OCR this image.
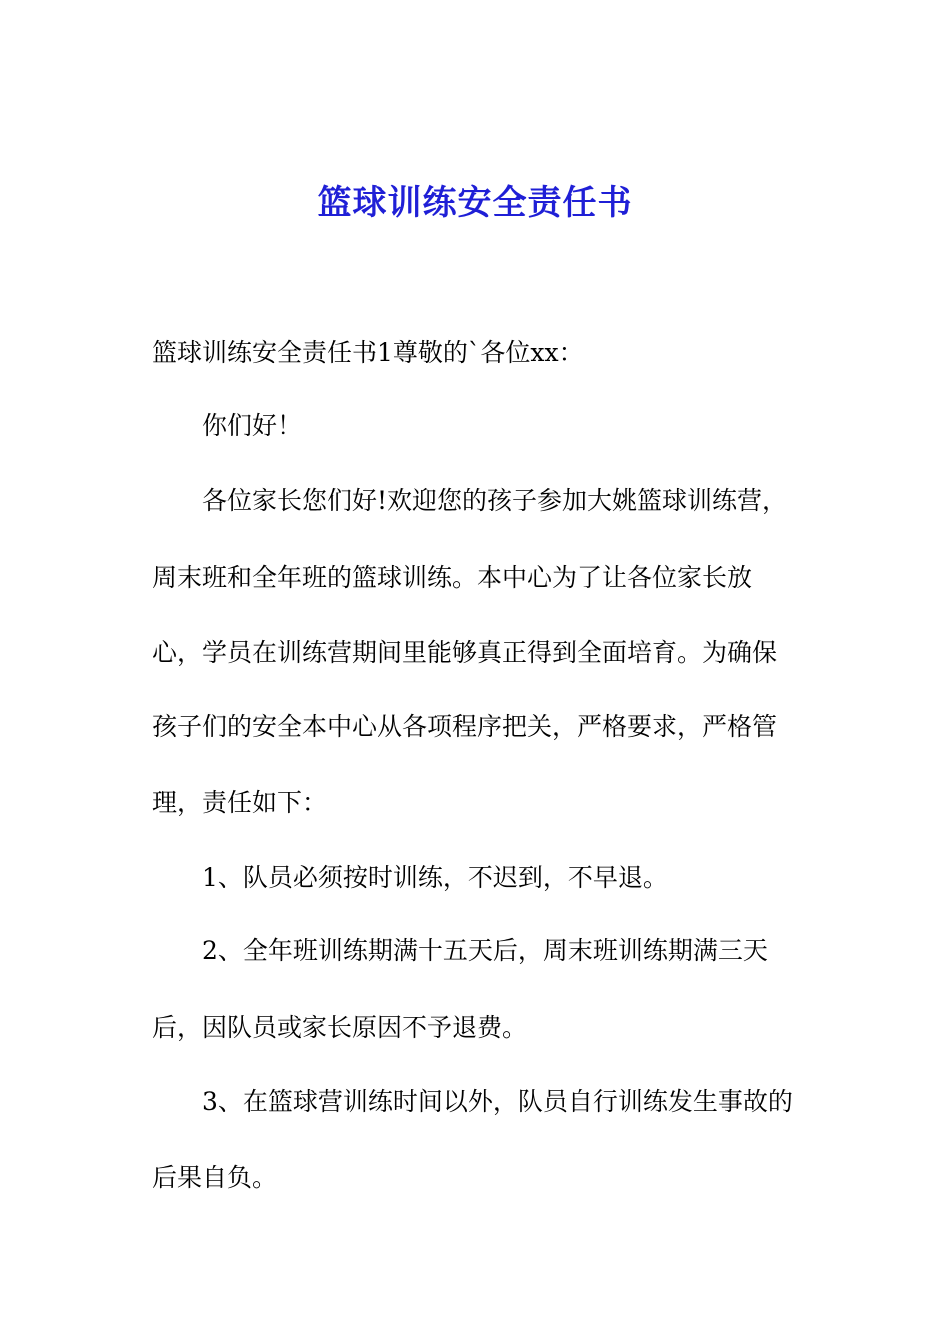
篮球训练安全责任书
篮球训练安全责任书1尊敬的`各位xx：
你们好！
各位家长您们好!欢迎您的孩子参加大姚篮球训练营，
周末班和全年班的篮球训练。本中心为了让各位家长放
心，学员在训练营期间里能够真正得到全面培育。为确保
孩子们的安全本中心从各项程序把关，严格要求，严格管
理，责任如下：
1、队员必须按时训练，不迟到，不早退。
2、全年班训练期满十五天后，周末班训练期满三天
后，因队员或家长原因不予退费。
3、在篮球营训练时间以外，队员自行训练发生事故的
后果自负。
